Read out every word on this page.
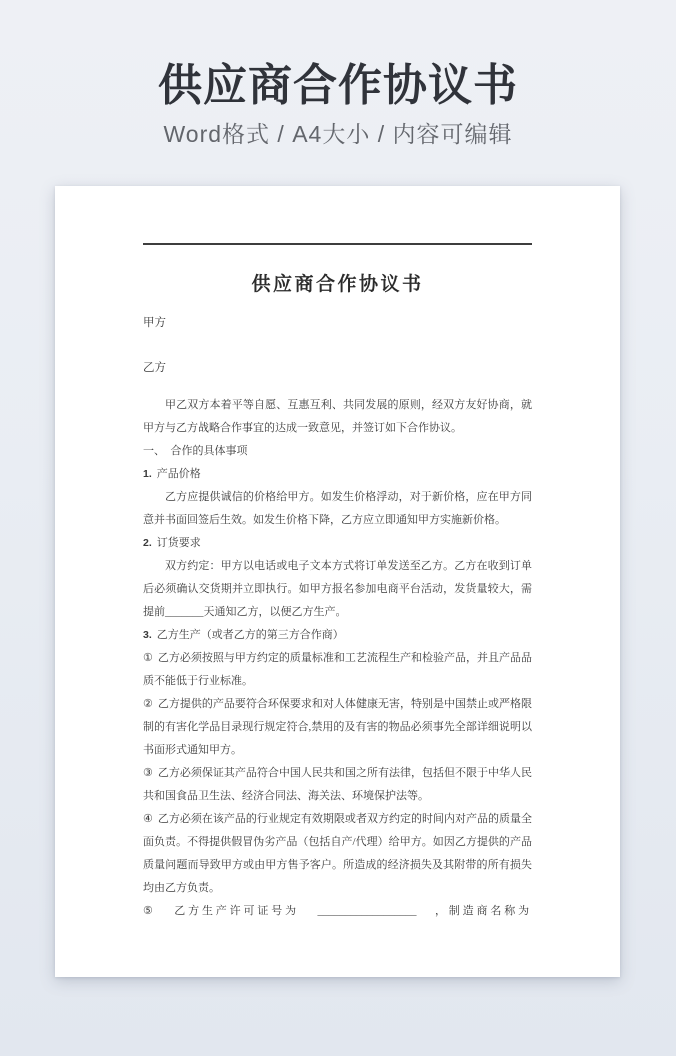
供应商合作协议书

Word格式 / A4大小 / 内容可编辑

供应商合作协议书

甲方

乙方

甲乙双方本着平等自愿、互惠互利、共同发展的原则，经双方友好协商，就甲方与乙方战略合作事宜的达成一致意见，并签订如下合作协议。

一、　合作的具体事项

1. 产品价格

乙方应提供诚信的价格给甲方。如发生价格浮动，对于新价格，应在甲方同意并书面回签后生效。如发生价格下降，乙方应立即通知甲方实施新价格。

2. 订货要求

双方约定：甲方以电话或电子文本方式将订单发送至乙方。乙方在收到订单后必须确认交货期并立即执行。如甲方报名参加电商平台活动，发货量较大，需提前_______天通知乙方，以便乙方生产。

3. 乙方生产（或者乙方的第三方合作商）

① 乙方必须按照与甲方约定的质量标准和工艺流程生产和检验产品，并且产品品质不能低于行业标准。

② 乙方提供的产品要符合环保要求和对人体健康无害，特别是中国禁止或严格限制的有害化学品目录现行规定符合,禁用的及有害的物品必须事先全部详细说明以书面形式通知甲方。

③ 乙方必须保证其产品符合中国人民共和国之所有法律，包括但不限于中华人民共和国食品卫生法、经济合同法、海关法、环境保护法等。

④ 乙方必须在该产品的行业规定有效期限或者双方约定的时间内对产品的质量全面负责。不得提供假冒伪劣产品（包括自产/代理）给甲方。如因乙方提供的产品质量问题而导致甲方或由甲方售予客户。所造成的经济损失及其附带的所有损失均由乙方负责。

⑤ 乙方生产许可证号为 __________________ ，制造商名称为
